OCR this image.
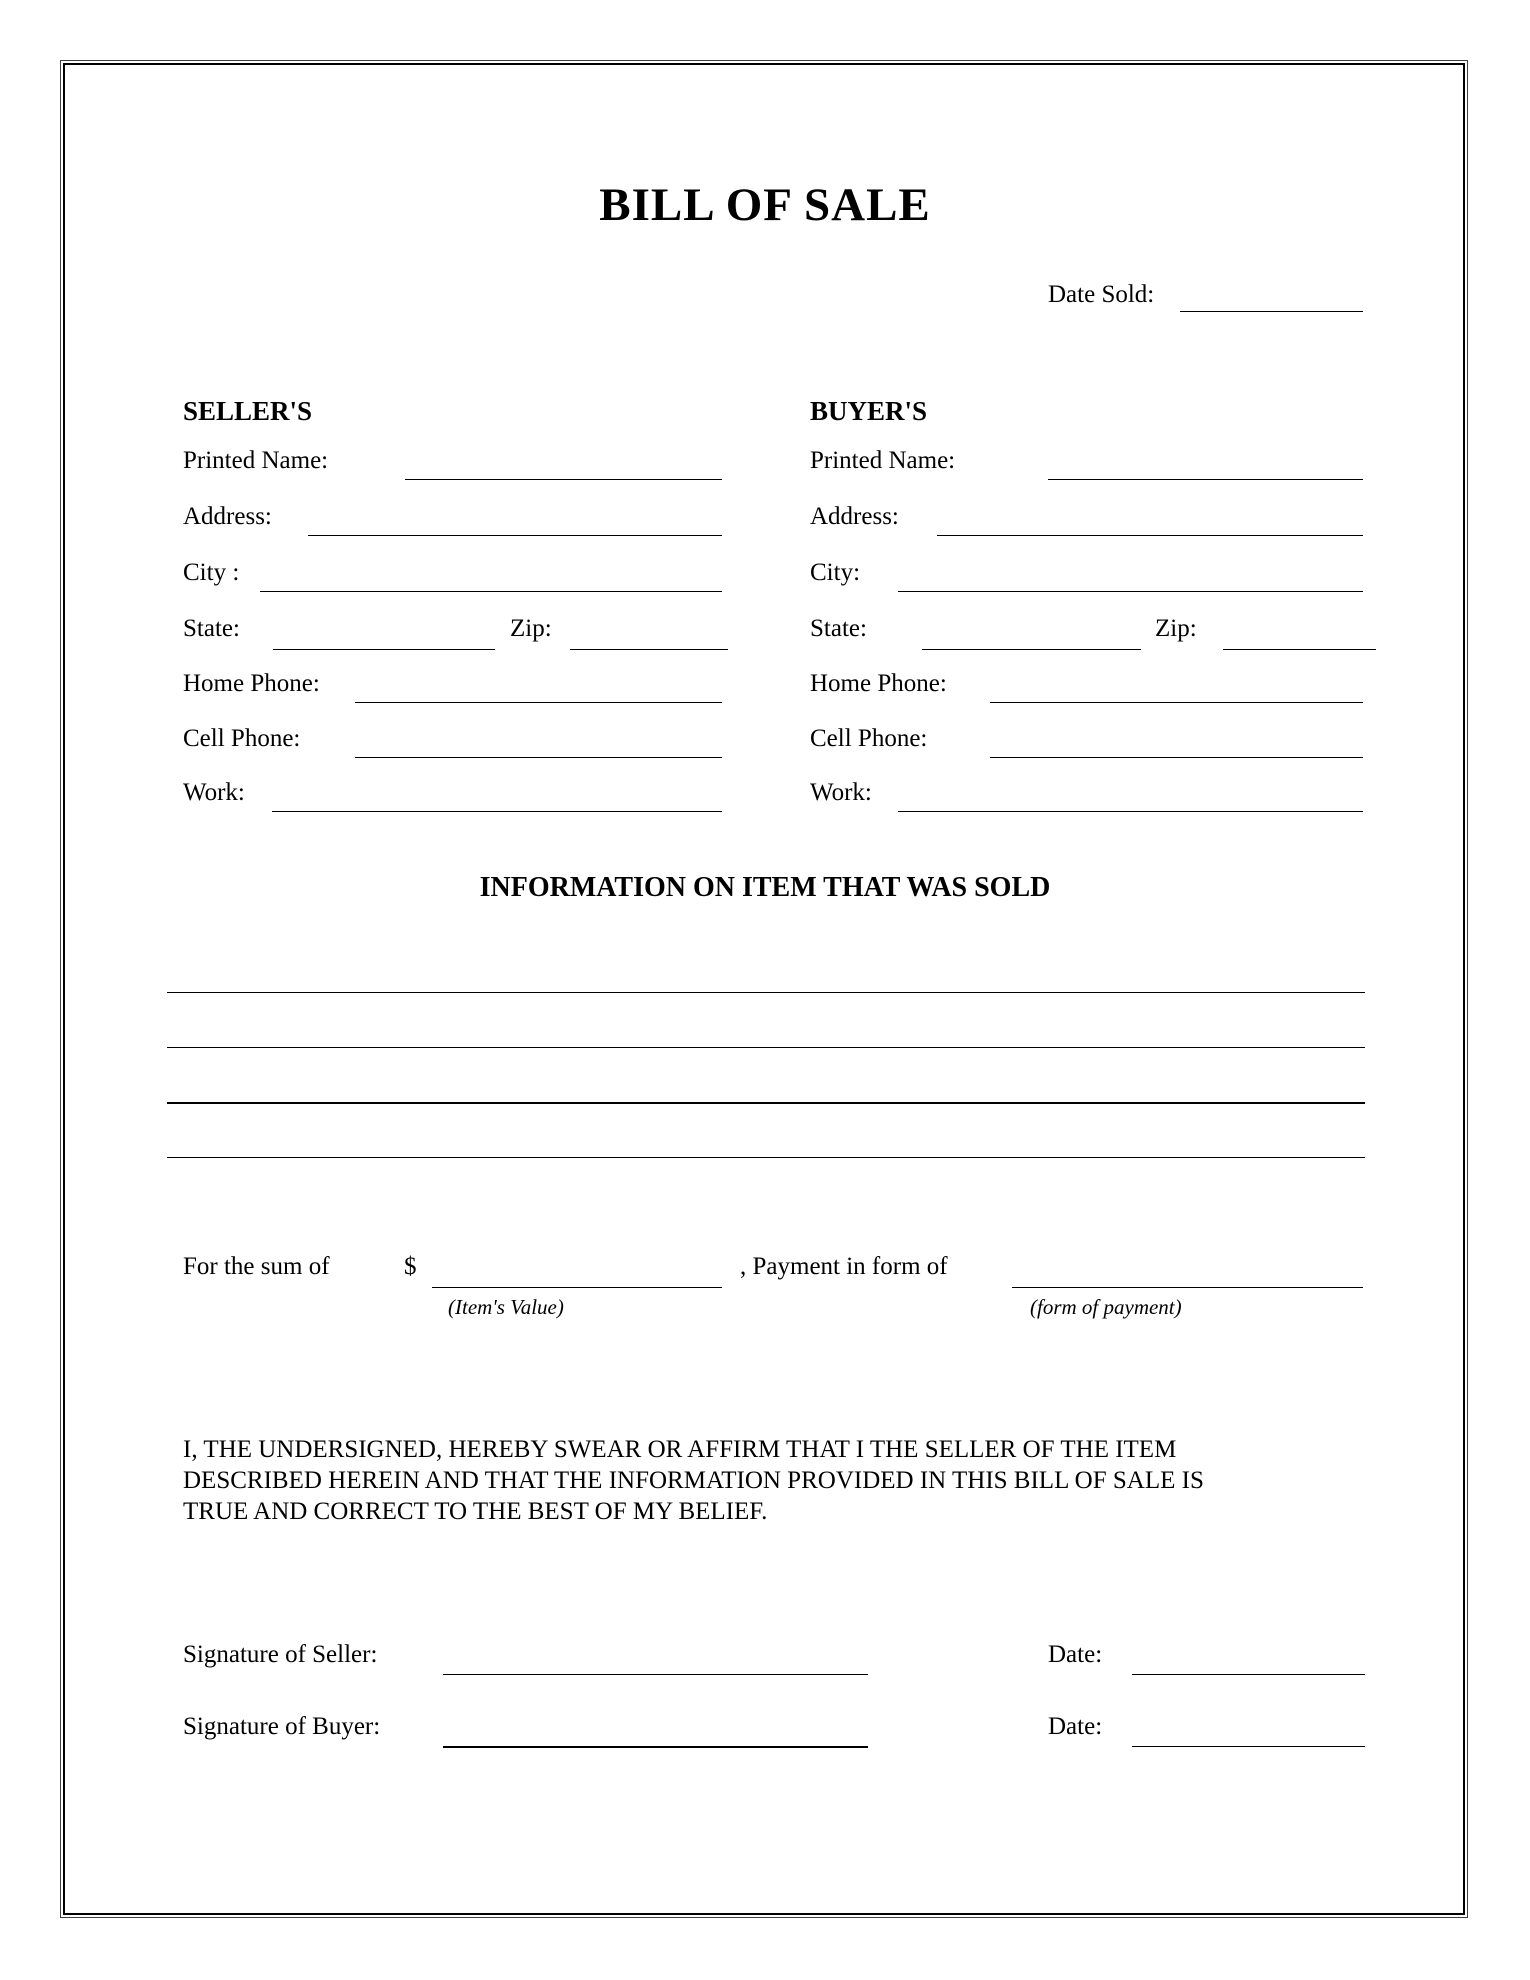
BILL OF SALE
Date Sold:
SELLER'S
Printed Name:
Address:
City :
State:	Zip:
Home Phone:
Cell Phone:
Work:
BUYER'S
Printed Name:
Address:
City:
State:	Zip:
Home Phone:
Cell Phone:
Work:
INFORMATION ON ITEM THAT WAS SOLD
For the sum of	$
(Item's Value)
, Payment in form of
(form of payment)
I, THE UNDERSIGNED, HEREBY SWEAR OR AFFIRM THAT I THE SELLER OF THE ITEM
DESCRIBED HEREIN AND THAT THE INFORMATION PROVIDED IN THIS BILL OF SALE IS
TRUE AND CORRECT TO THE BEST OF MY BELIEF.
Signature of Seller:	Date:
Signature of Buyer:	Date:
